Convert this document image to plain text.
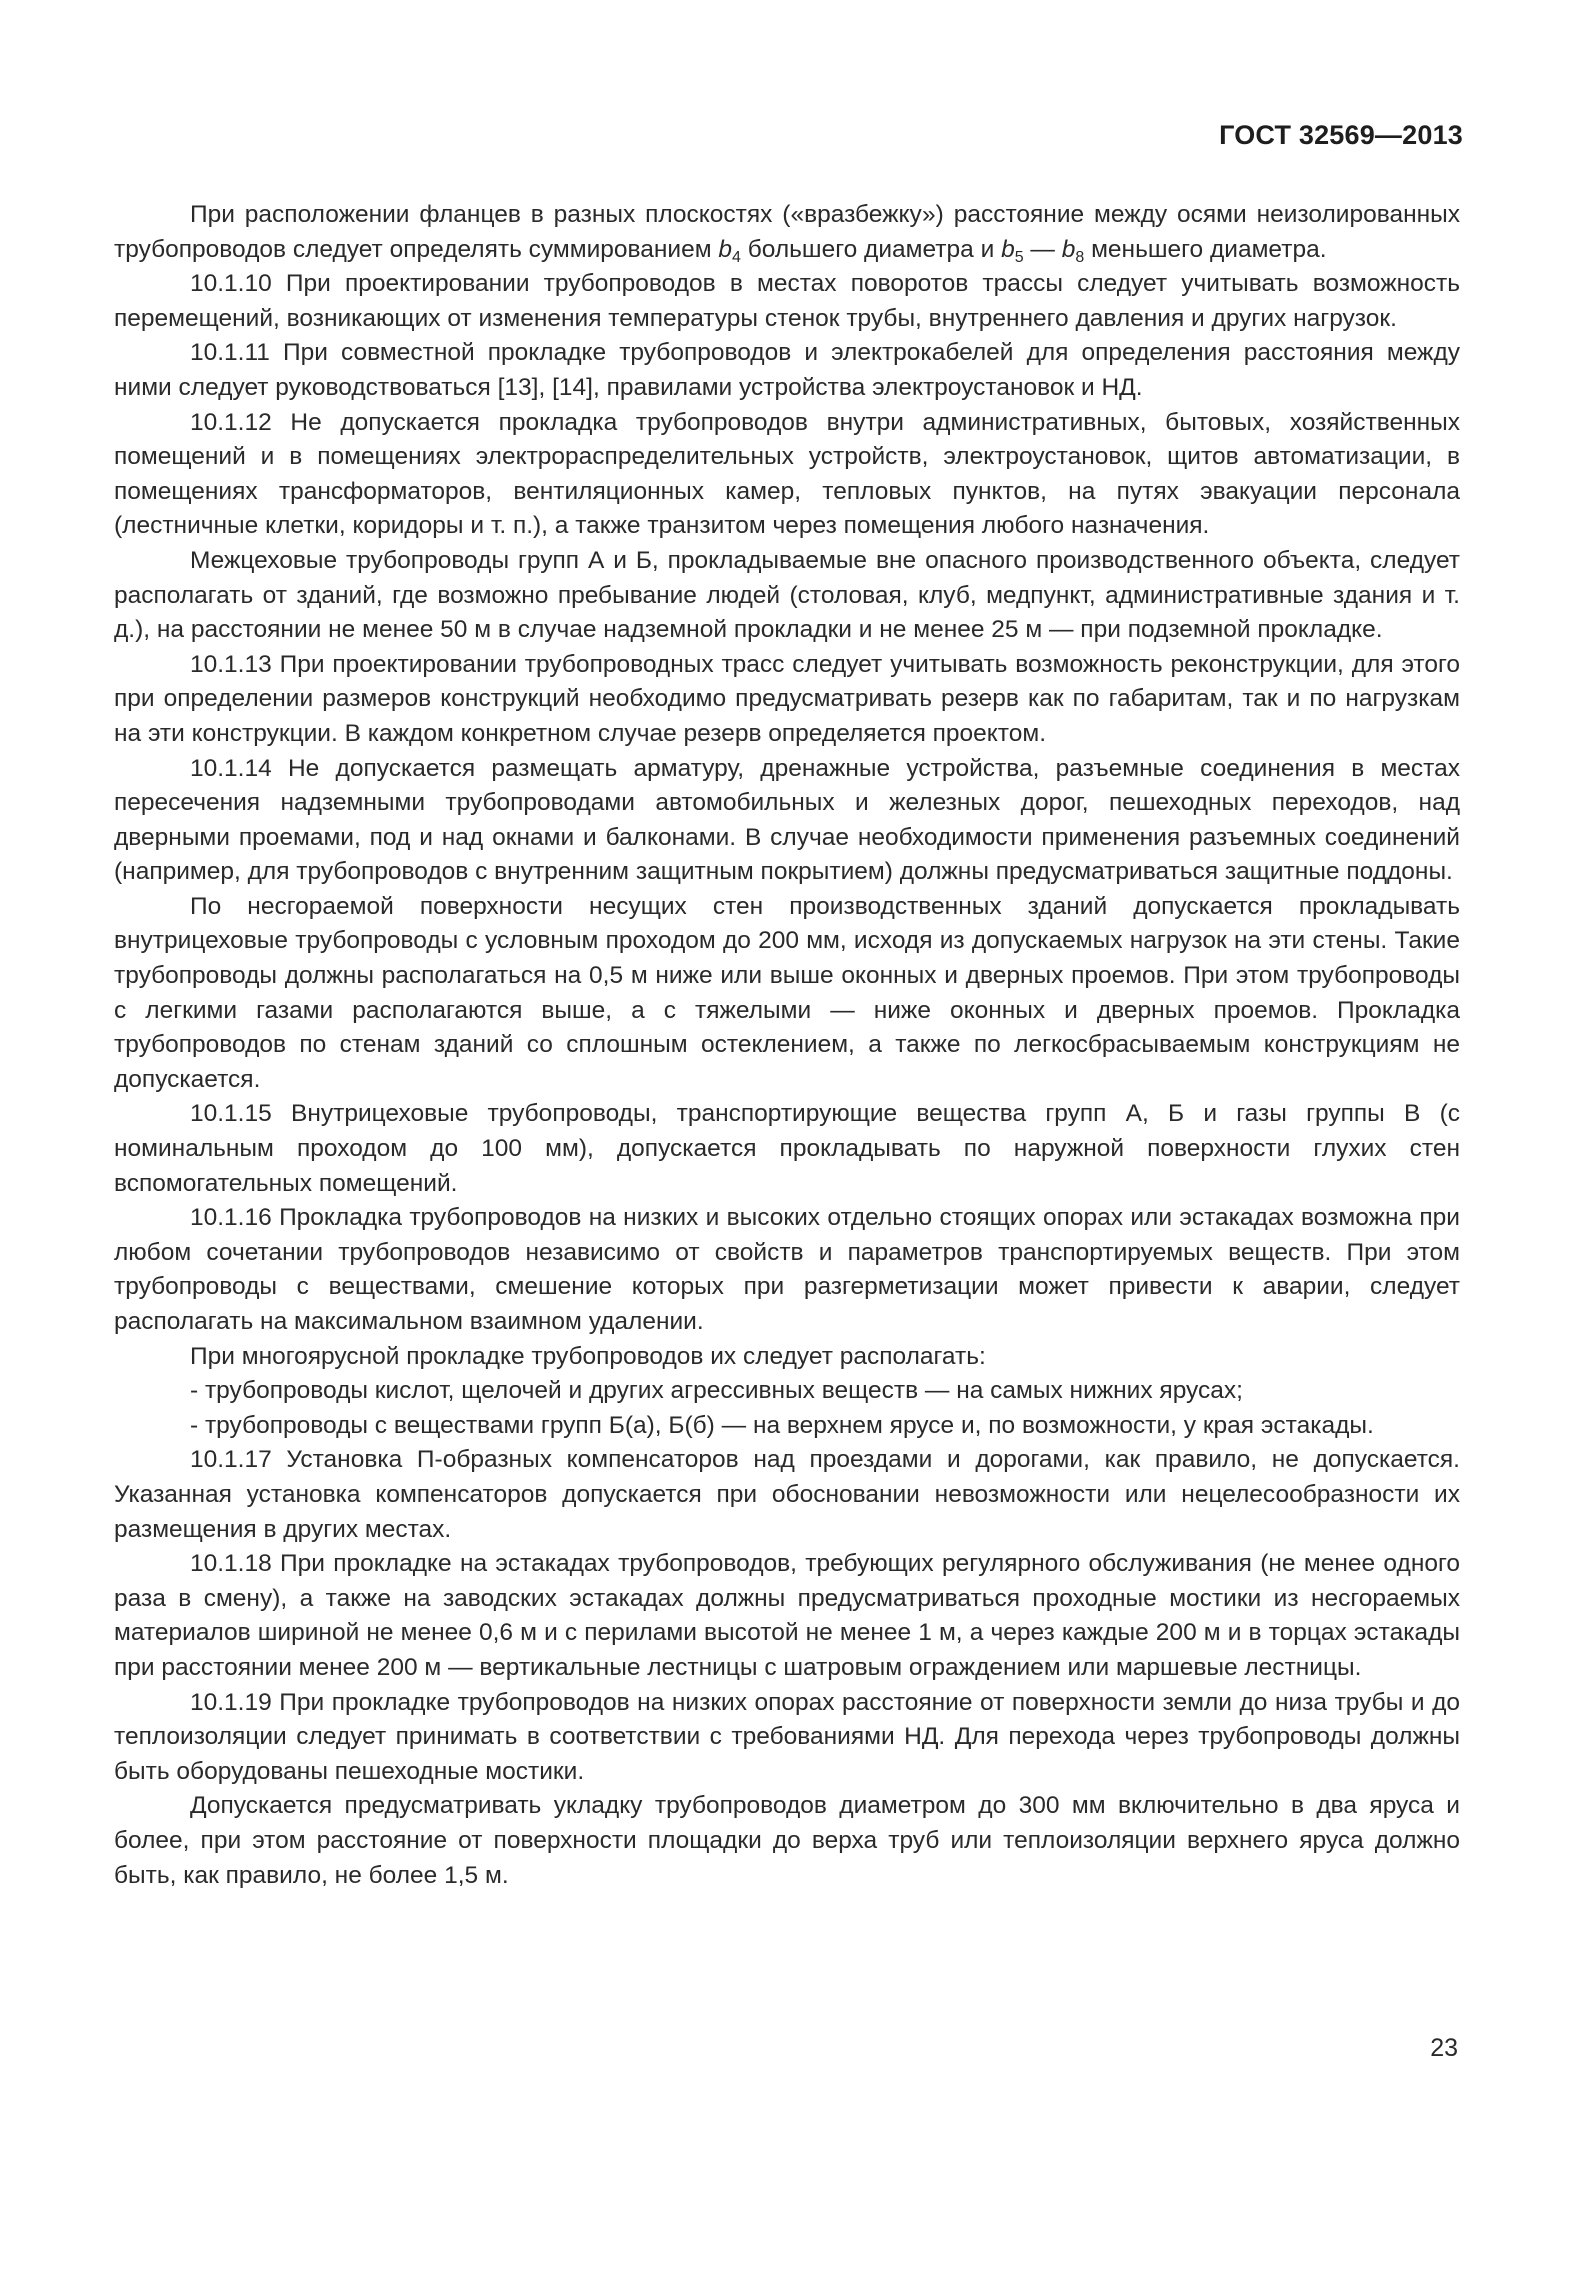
ГОСТ 32569—2013

При расположении фланцев в разных плоскостях («вразбежку») расстояние между осями неизолированных трубопроводов следует определять суммированием $b_4$ большего диаметра и $b_5$ — $b_8$ меньшего диаметра.

10.1.10 При проектировании трубопроводов в местах поворотов трассы следует учитывать возможность перемещений, возникающих от изменения температуры стенок трубы, внутреннего давления и других нагрузок.

10.1.11 При совместной прокладке трубопроводов и электрокабелей для определения расстояния между ними следует руководствоваться [13], [14], правилами устройства электроустановок и НД.

10.1.12 Не допускается прокладка трубопроводов внутри административных, бытовых, хозяйственных помещений и в помещениях электрораспределительных устройств, электроустановок, щитов автоматизации, в помещениях трансформаторов, вентиляционных камер, тепловых пунктов, на путях эвакуации персонала (лестничные клетки, коридоры и т. п.), а также транзитом через помещения любого назначения.

Межцеховые трубопроводы групп А и Б, прокладываемые вне опасного производственного объекта, следует располагать от зданий, где возможно пребывание людей (столовая, клуб, медпункт, административные здания и т. д.), на расстоянии не менее 50 м в случае надземной прокладки и не менее 25 м — при подземной прокладке.

10.1.13 При проектировании трубопроводных трасс следует учитывать возможность реконструкции, для этого при определении размеров конструкций необходимо предусматривать резерв как по габаритам, так и по нагрузкам на эти конструкции. В каждом конкретном случае резерв определяется проектом.

10.1.14 Не допускается размещать арматуру, дренажные устройства, разъемные соединения в местах пересечения надземными трубопроводами автомобильных и железных дорог, пешеходных переходов, над дверными проемами, под и над окнами и балконами. В случае необходимости применения разъемных соединений (например, для трубопроводов с внутренним защитным покрытием) должны предусматриваться защитные поддоны.

По несгораемой поверхности несущих стен производственных зданий допускается прокладывать внутрицеховые трубопроводы с условным проходом до 200 мм, исходя из допускаемых нагрузок на эти стены. Такие трубопроводы должны располагаться на 0,5 м ниже или выше оконных и дверных проемов. При этом трубопроводы с легкими газами располагаются выше, а с тяжелыми — ниже оконных и дверных проемов. Прокладка трубопроводов по стенам зданий со сплошным остеклением, а также по легкосбрасываемым конструкциям не допускается.

10.1.15 Внутрицеховые трубопроводы, транспортирующие вещества групп А, Б и газы группы В (с номинальным проходом до 100 мм), допускается прокладывать по наружной поверхности глухих стен вспомогательных помещений.

10.1.16 Прокладка трубопроводов на низких и высоких отдельно стоящих опорах или эстакадах возможна при любом сочетании трубопроводов независимо от свойств и параметров транспортируемых веществ. При этом трубопроводы с веществами, смешение которых при разгерметизации может привести к аварии, следует располагать на максимальном взаимном удалении.

При многоярусной прокладке трубопроводов их следует располагать:

- трубопроводы кислот, щелочей и других агрессивных веществ — на самых нижних ярусах;

- трубопроводы с веществами групп Б(а), Б(б) — на верхнем ярусе и, по возможности, у края эстакады.

10.1.17 Установка П-образных компенсаторов над проездами и дорогами, как правило, не допускается. Указанная установка компенсаторов допускается при обосновании невозможности или нецелесообразности их размещения в других местах.

10.1.18 При прокладке на эстакадах трубопроводов, требующих регулярного обслуживания (не менее одного раза в смену), а также на заводских эстакадах должны предусматриваться проходные мостики из несгораемых материалов шириной не менее 0,6 м и с перилами высотой не менее 1 м, а через каждые 200 м и в торцах эстакады при расстоянии менее 200 м — вертикальные лестницы с шатровым ограждением или маршевые лестницы.

10.1.19 При прокладке трубопроводов на низких опорах расстояние от поверхности земли до низа трубы и до теплоизоляции следует принимать в соответствии с требованиями НД. Для перехода через трубопроводы должны быть оборудованы пешеходные мостики.

Допускается предусматривать укладку трубопроводов диаметром до 300 мм включительно в два яруса и более, при этом расстояние от поверхности площадки до верха труб или теплоизоляции верхнего яруса должно быть, как правило, не более 1,5 м.

23
